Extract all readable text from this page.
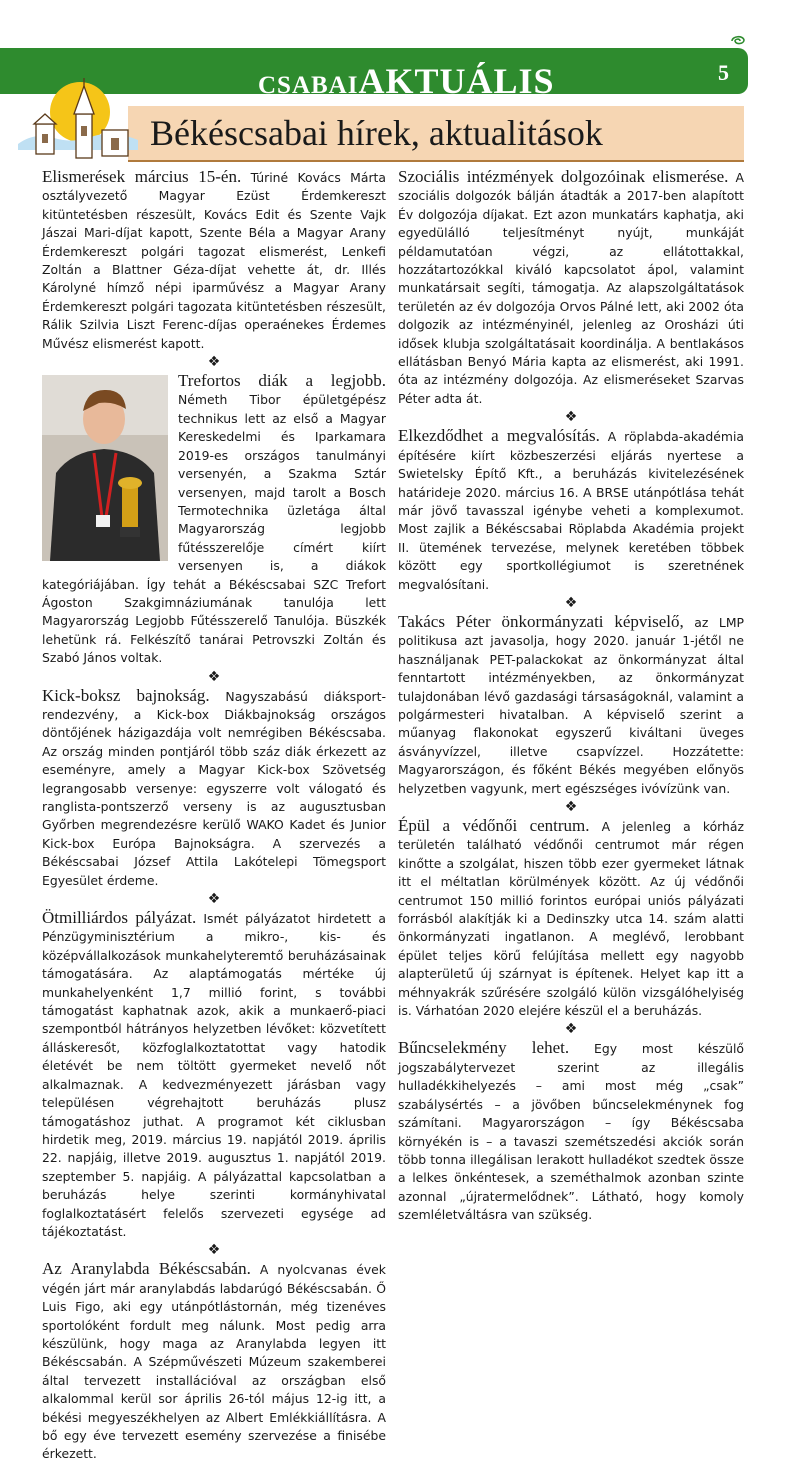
CSABAIAKTUÁLIS	5
Békéscsabai hírek, aktualitások
Elismerések március 15-én. Túriné Kovács Márta osztályvezető Magyar Ezüst Érdemkereszt kitüntetésben részesült, Kovács Edit és Szente Vajk Jászai Mari-díjat kapott, Szente Béla a Magyar Arany Érdemkereszt polgári tagozat elismerést, Lenkefi Zoltán a Blattner Géza-díjat vehette át, dr. Illés Károlyné hímző népi iparművész a Magyar Arany Érdemkereszt polgári tagozata kitüntetésben részesült, Rálik Szilvia Liszt Ferenc-díjas operaénekes Érdemes Művész elismerést kapott.
❖
Trefortos diák a legjobb. Németh Tibor épületgépész technikus lett az első a Magyar Kereskedelmi és Iparkamara 2019-es országos tanulmányi versenyén, a Szakma Sztár versenyen, majd tarolt a Bosch Termotechnika üzletága által Magyarország legjobb fűtésszerelője címért kiírt versenyen is, a diákok kategóriájában. Így tehát a Békéscsabai SZC Trefort Ágoston Szakgimnáziumának tanulója lett Magyarország Legjobb Fűtésszerelő Tanulója. Büszkék lehetünk rá. Felkészítő tanárai Petrovszki Zoltán és Szabó János voltak.
❖
Kick-boksz bajnokság. Nagyszabású diáksport-rendezvény, a Kick-box Diákbajnokság országos döntőjének házigazdája volt nemrégiben Békéscsaba. Az ország minden pontjáról több száz diák érkezett az eseményre, amely a Magyar Kick-box Szövetség legrangosabb versenye: egyszerre volt válogató és ranglista-pontszerző verseny is az augusztusban Győrben megrendezésre kerülő WAKO Kadet és Junior Kick-box Európa Bajnokságra. A szervezés a Békéscsabai József Attila Lakótelepi Tömegsport Egyesület érdeme.
❖
Ötmilliárdos pályázat. Ismét pályázatot hirdetett a Pénzügyminisztérium a mikro-, kis- és középvállalkozások munkahelyteremtő beruházásainak támogatására. Az alaptámogatás mértéke új munkahelyenként 1,7 millió forint, s további támogatást kaphatnak azok, akik a munkaerő-piaci szempontból hátrányos helyzetben lévőket: közvetített álláskeresőt, közfoglalkoztatottat vagy hatodik életévét be nem töltött gyermeket nevelő nőt alkalmaznak. A kedvezményezett járásban vagy településen végrehajtott beruházás plusz támogatáshoz juthat. A programot két ciklusban hirdetik meg, 2019. március 19. napjától 2019. április 22. napjáig, illetve 2019. augusztus 1. napjától 2019. szeptember 5. napjáig. A pályázattal kapcsolatban a beruházás helye szerinti kormányhivatal foglalkoztatásért felelős szervezeti egysége ad tájékoztatást.
❖
Az Aranylabda Békéscsabán. A nyolcvanas évek végén járt már aranylabdás labdarúgó Békéscsabán. Ő Luis Figo, aki egy utánpótlástornán, még tizenéves sportolóként fordult meg nálunk. Most pedig arra készülünk, hogy maga az Aranylabda legyen itt Békéscsabán. A Szépművészeti Múzeum szakemberei által tervezett installációval az országban első alkalommal kerül sor április 26-tól május 12-ig itt, a békési megyeszékhelyen az Albert Emlékkiállításra. A bő egy éve tervezett esemény szervezése a finisébe érkezett.
Szociális intézmények dolgozóinak elismerése. A szociális dolgozók bálján átadták a 2017-ben alapított Év dolgozója díjakat. Ezt azon munkatárs kaphatja, aki egyedülálló teljesítményt nyújt, munkáját példamutatóan végzi, az ellátottakkal, hozzátartozókkal kiváló kapcsolatot ápol, valamint munkatársait segíti, támogatja. Az alapszolgáltatások területén az év dolgozója Orvos Pálné lett, aki 2002 óta dolgozik az intézményinél, jelenleg az Orosházi úti idősek klubja szolgáltatásait koordinálja. A bentlakásos ellátásban Benyó Mária kapta az elismerést, aki 1991. óta az intézmény dolgozója. Az elismeréseket Szarvas Péter adta át.
❖
Elkezdődhet a megvalósítás. A röplabda-akadémia építésére kiírt közbeszerzési eljárás nyertese a Swietelsky Építő Kft., a beruházás kivitelezésének határideje 2020. március 16. A BRSE utánpótlása tehát már jövő tavasszal igénybe veheti a komplexumot. Most zajlik a Békéscsabai Röplabda Akadémia projekt II. ütemének tervezése, melynek keretében többek között egy sportkollégiumot is szeretnének megvalósítani.
❖
Takács Péter önkormányzati képviselő, az LMP politikusa azt javasolja, hogy 2020. január 1-jétől ne használjanak PET-palackokat az önkormányzat által fenntartott intézményekben, az önkormányzat tulajdonában lévő gazdasági társaságoknál, valamint a polgármesteri hivatalban. A képviselő szerint a műanyag flakonokat egyszerű kiváltani üveges ásványvízzel, illetve csapvízzel. Hozzátette: Magyarországon, és főként Békés megyében előnyös helyzetben vagyunk, mert egészséges ivóvízünk van.
❖
Épül a védőnői centrum. A jelenleg a kórház területén található védőnői centrumot már régen kinőtte a szolgálat, hiszen több ezer gyermeket látnak itt el méltatlan körülmények között. Az új védőnői centrumot 150 millió forintos európai uniós pályázati forrásból alakítják ki a Dedinszky utca 14. szám alatti önkormányzati ingatlanon. A meglévő, lerobbant épület teljes körű felújítása mellett egy nagyobb alapterületű új szárnyat is építenek. Helyet kap itt a méhnyakrák szűrésére szolgáló külön vizsgálóhelyiség is. Várhatóan 2020 elejére készül el a beruházás.
❖
Bűncselekmény lehet. Egy most készülő jogszabálytervezet szerint az illegális hulladékkihelyezés – ami most még „csak” szabálysértés – a jövőben bűncselekménynek fog számítani. Magyarországon – így Békéscsaba környékén is – a tavaszi szemétszedési akciók során több tonna illegálisan lerakott hulladékot szedtek össze a lelkes önkéntesek, a szeméthalmok azonban szinte azonnal „újratermelődnek”. Látható, hogy komoly szemléletváltásra van szükség.
